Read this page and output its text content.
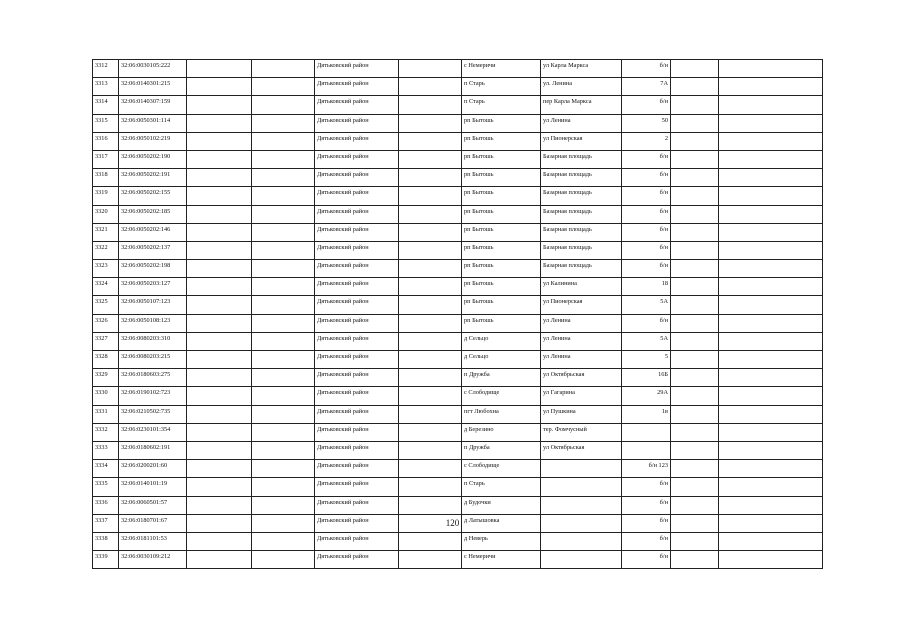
3312	32:06:0030105:222			Дятьковский район		с Немеричи	ул Карла Маркса	б/н		
3313	32:06:0140301:215			Дятьковский район		п Старь	ул. Ленина	7А		
3314	32:06:0140307:159			Дятьковский район		п Старь	пер Карла Маркса	б/н		
3315	32:06:0050301:114			Дятьковский район		рп Бытошь	ул Ленина	50		
3316	32:06:0050102:219			Дятьковский район		рп Бытошь	ул Пионерская	2		
3317	32:06:0050202:190			Дятьковский район		рп Бытошь	Базарная площадь	б/н		
3318	32:06:0050202:191			Дятьковский район		рп Бытошь	Базарная площадь	б/н		
3319	32:06:0050202:155			Дятьковский район		рп Бытошь	Базарная площадь	б/н		
3320	32:06:0050202:185			Дятьковский район		рп Бытошь	Базарная площадь	б/н		
3321	32:06:0050202:146			Дятьковский район		рп Бытошь	Базарная площадь	б/н		
3322	32:06:0050202:137			Дятьковский район		рп Бытошь	Базарная площадь	б/н		
3323	32:06:0050202:198			Дятьковский район		рп Бытошь	Базарная площадь	б/н		
3324	32:06:0050203:127			Дятьковский район		рп Бытошь	ул Калинина	18		
3325	32:06:0050107:123			Дятьковский район		рп Бытошь	ул Пионерская	5А		
3326	32:06:0050108:123			Дятьковский район		рп Бытошь	ул Ленина	б/н		
3327	32:06:0080203:310			Дятьковский район		д Сельцо	ул Ленина	5А		
3328	32:06:0080203:215			Дятьковский район		д Сельцо	ул Ленина	5		
3329	32:06:0180603:275			Дятьковский район		п Дружба	ул Октябрьская	16Б		
3330	32:06:0190102:723			Дятьковский район		с Слободище	ул Гагарина	29А		
3331	32:06:0210502:735			Дятьковский район		пгт Любохна	ул Пушкина	1в		
3332	32:06:0230101:354			Дятьковский район		д Березино	тер. Фомчусный			
3333	32:06:0180602:191			Дятьковский район		п Дружба	ул Октябрьская			
3334	32:06:0200201:60			Дятьковский район		с Слободище		б/н 123		
3335	32:06:0140101:19			Дятьковский район		п Старь		б/н		
3336	32:06:0060501:57			Дятьковский район		д Будочки		б/н		
3337	32:06:0180701:67			Дятьковский район		д Латышовка		б/н		
3338	32:06:0181101:53			Дятьковский район		д Неверь		б/н		
3339	32:06:0030109:212			Дятьковский район		с Немеричи		б/н		
120
